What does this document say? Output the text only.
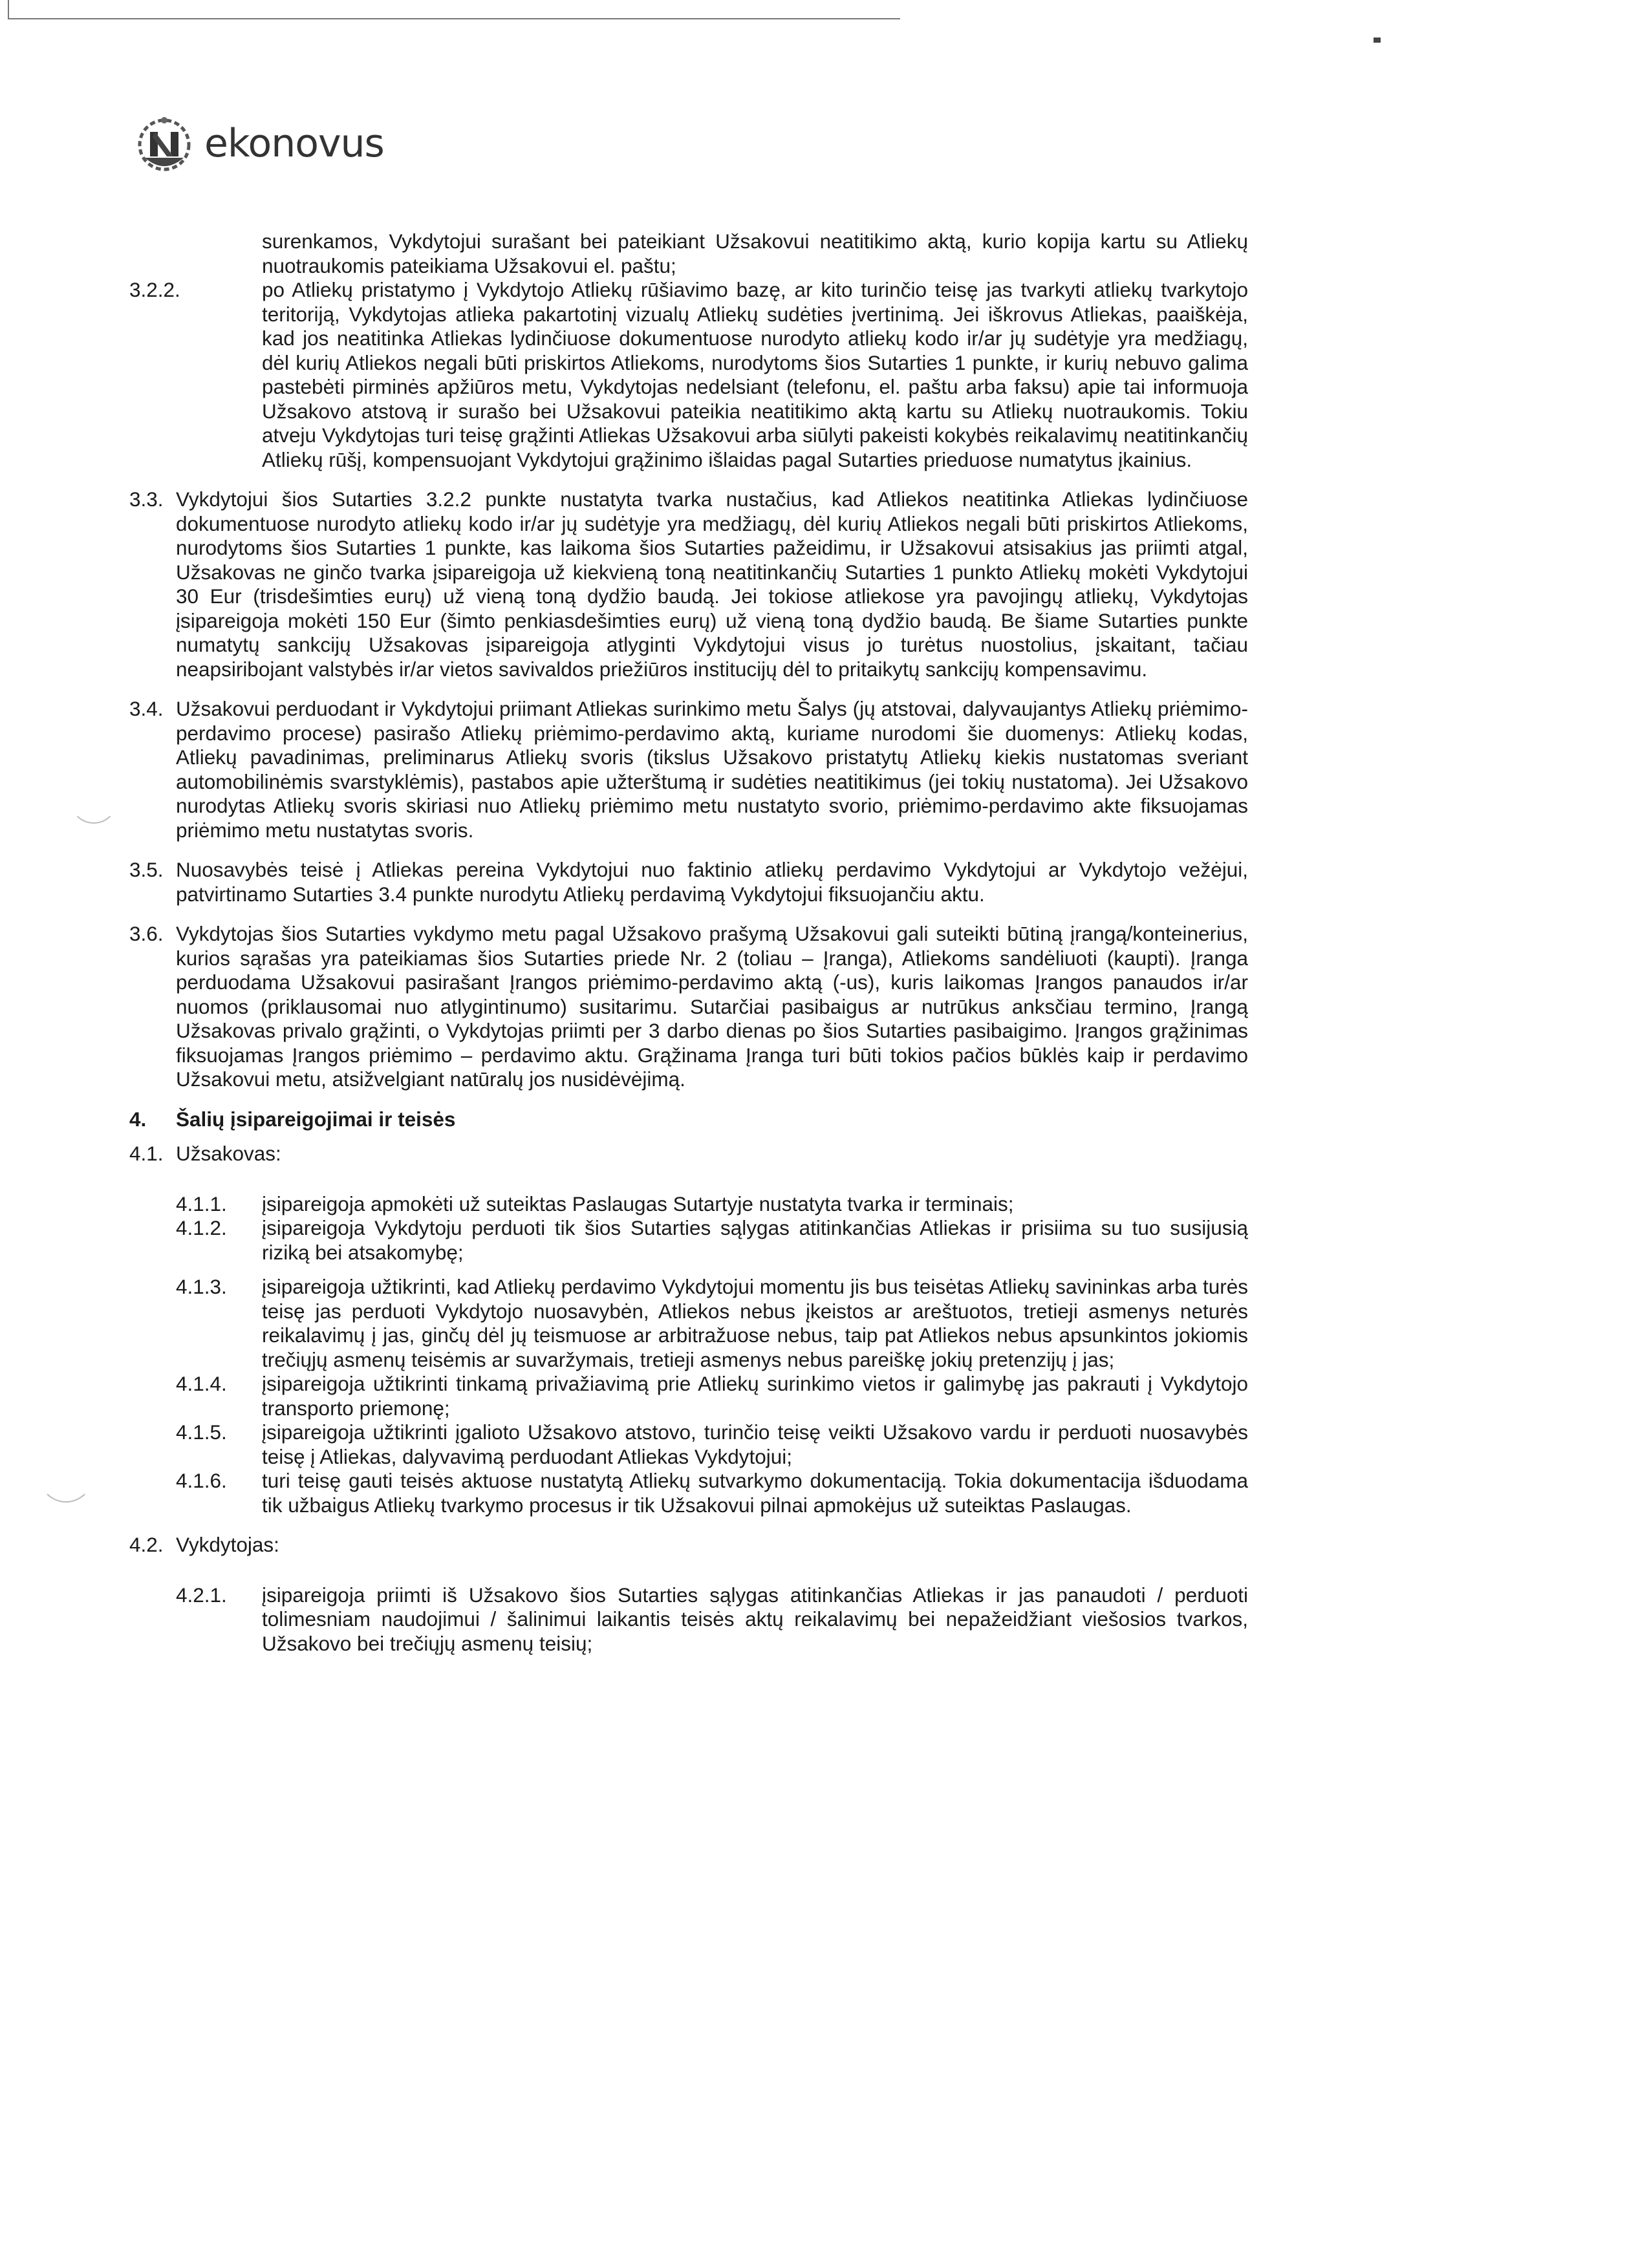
ekonovus
surenkamos, Vykdytojui surašant bei pateikiant Užsakovui neatitikimo aktą, kurio kopija kartu su Atliekų nuotraukomis pateikiama Užsakovui el. paštu;
3.2.2.	po Atliekų pristatymo į Vykdytojo Atliekų rūšiavimo bazę, ar kito turinčio teisę jas tvarkyti atliekų tvarkytojo teritoriją, Vykdytojas atlieka pakartotinį vizualų Atliekų sudėties įvertinimą. Jei iškrovus Atliekas, paaiškėja, kad jos neatitinka Atliekas lydinčiuose dokumentuose nurodyto atliekų kodo ir/ar jų sudėtyje yra medžiagų, dėl kurių Atliekos negali būti priskirtos Atliekoms, nurodytoms šios Sutarties 1 punkte, ir kurių nebuvo galima pastebėti pirminės apžiūros metu, Vykdytojas nedelsiant (telefonu, el. paštu arba faksu) apie tai informuoja Užsakovo atstovą ir surašo bei Užsakovui pateikia neatitikimo aktą kartu su Atliekų nuotraukomis. Tokiu atveju Vykdytojas turi teisę grąžinti Atliekas Užsakovui arba siūlyti pakeisti kokybės reikalavimų neatitinkančių Atliekų rūšį, kompensuojant Vykdytojui grąžinimo išlaidas pagal Sutarties prieduose numatytus įkainius.
3.3. Vykdytojui šios Sutarties 3.2.2 punkte nustatyta tvarka nustačius, kad Atliekos neatitinka Atliekas lydinčiuose dokumentuose nurodyto atliekų kodo ir/ar jų sudėtyje yra medžiagų, dėl kurių Atliekos negali būti priskirtos Atliekoms, nurodytoms šios Sutarties 1 punkte, kas laikoma šios Sutarties pažeidimu, ir Užsakovui atsisakius jas priimti atgal, Užsakovas ne ginčo tvarka įsipareigoja už kiekvieną toną neatitinkančių Sutarties 1 punkto Atliekų mokėti Vykdytojui 30 Eur (trisdešimties eurų) už vieną toną dydžio baudą. Jei tokiose atliekose yra pavojingų atliekų, Vykdytojas įsipareigoja mokėti 150 Eur (šimto penkiasdešimties eurų) už vieną toną dydžio baudą. Be šiame Sutarties punkte numatytų sankcijų Užsakovas įsipareigoja atlyginti Vykdytojui visus jo turėtus nuostolius, įskaitant, tačiau neapsiribojant valstybės ir/ar vietos savivaldos priežiūros institucijų dėl to pritaikytų sankcijų kompensavimu.
3.4. Užsakovui perduodant ir Vykdytojui priimant Atliekas surinkimo metu Šalys (jų atstovai, dalyvaujantys Atliekų priėmimo-perdavimo procese) pasirašo Atliekų priėmimo-perdavimo aktą, kuriame nurodomi šie duomenys: Atliekų kodas, Atliekų pavadinimas, preliminarus Atliekų svoris (tikslus Užsakovo pristatytų Atliekų kiekis nustatomas sveriant automobilinėmis svarstyklėmis), pastabos apie užterštumą ir sudėties neatitikimus (jei tokių nustatoma). Jei Užsakovo nurodytas Atliekų svoris skiriasi nuo Atliekų priėmimo metu nustatyto svorio, priėmimo-perdavimo akte fiksuojamas priėmimo metu nustatytas svoris.
3.5. Nuosavybės teisė į Atliekas pereina Vykdytojui nuo faktinio atliekų perdavimo Vykdytojui ar Vykdytojo vežėjui, patvirtinamo Sutarties 3.4 punkte nurodytu Atliekų perdavimą Vykdytojui fiksuojančiu aktu.
3.6. Vykdytojas šios Sutarties vykdymo metu pagal Užsakovo prašymą Užsakovui gali suteikti būtiną įrangą/konteinerius, kurios sąrašas yra pateikiamas šios Sutarties priede Nr. 2 (toliau – Įranga), Atliekoms sandėliuoti (kaupti). Įranga perduodama Užsakovui pasirašant Įrangos priėmimo-perdavimo aktą (-us), kuris laikomas Įrangos panaudos ir/ar nuomos (priklausomai nuo atlygintinumo) susitarimu. Sutarčiai pasibaigus ar nutrūkus anksčiau termino, Įrangą Užsakovas privalo grąžinti, o Vykdytojas priimti per 3 darbo dienas po šios Sutarties pasibaigimo. Įrangos grąžinimas fiksuojamas Įrangos priėmimo – perdavimo aktu. Grąžinama Įranga turi būti tokios pačios būklės kaip ir perdavimo Užsakovui metu, atsižvelgiant natūralų jos nusidėvėjimą.
4.	Šalių įsipareigojimai ir teisės
4.1. Užsakovas:
4.1.1.	įsipareigoja apmokėti už suteiktas Paslaugas Sutartyje nustatyta tvarka ir terminais;
4.1.2.	įsipareigoja Vykdytoju perduoti tik šios Sutarties sąlygas atitinkančias Atliekas ir prisiima su tuo susijusią riziką bei atsakomybę;
4.1.3.	įsipareigoja užtikrinti, kad Atliekų perdavimo Vykdytojui momentu jis bus teisėtas Atliekų savininkas arba turės teisę jas perduoti Vykdytojo nuosavybėn, Atliekos nebus įkeistos ar areštuotos, tretieji asmenys neturės reikalavimų į jas, ginčų dėl jų teismuose ar arbitražuose nebus, taip pat Atliekos nebus apsunkintos jokiomis trečiųjų asmenų teisėmis ar suvaržymais, tretieji asmenys nebus pareiškę jokių pretenzijų į jas;
4.1.4.	įsipareigoja užtikrinti tinkamą privažiavimą prie Atliekų surinkimo vietos ir galimybę jas pakrauti į Vykdytojo transporto priemonę;
4.1.5.	įsipareigoja užtikrinti įgalioto Užsakovo atstovo, turinčio teisę veikti Užsakovo vardu ir perduoti nuosavybės teisę į Atliekas, dalyvavimą perduodant Atliekas Vykdytojui;
4.1.6.	turi teisę gauti teisės aktuose nustatytą Atliekų sutvarkymo dokumentaciją. Tokia dokumentacija išduodama tik užbaigus Atliekų tvarkymo procesus ir tik Užsakovui pilnai apmokėjus už suteiktas Paslaugas.
4.2. Vykdytojas:
4.2.1.	įsipareigoja priimti iš Užsakovo šios Sutarties sąlygas atitinkančias Atliekas ir jas panaudoti / perduoti tolimesniam naudojimui / šalinimui laikantis teisės aktų reikalavimų bei nepažeidžiant viešosios tvarkos, Užsakovo bei trečiųjų asmenų teisių;
